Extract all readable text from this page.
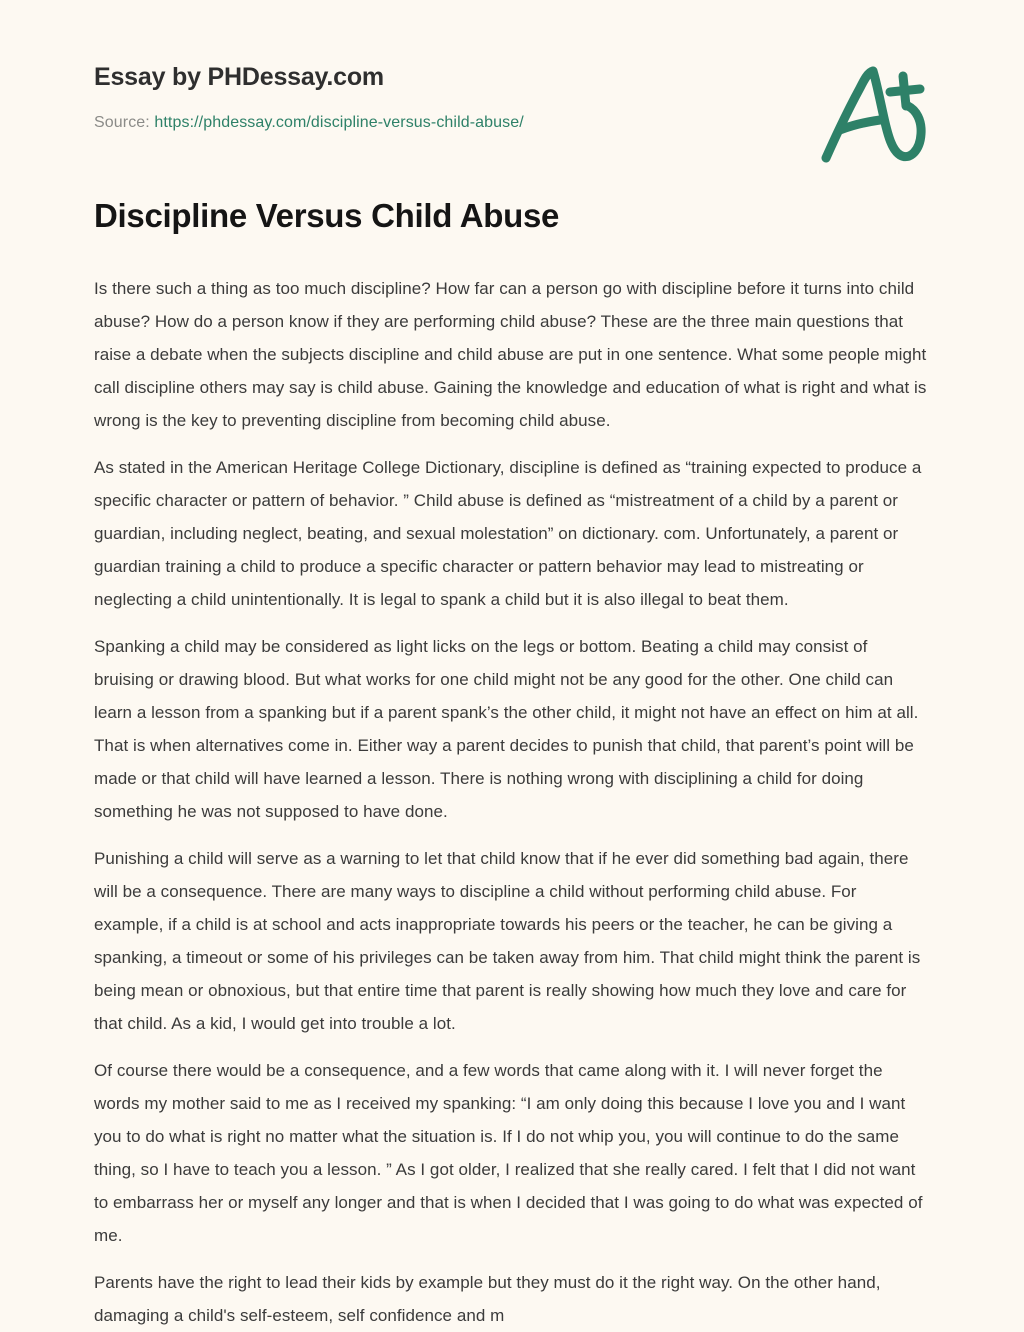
Essay by PHDessay.com
Source: https://phdessay.com/discipline-versus-child-abuse/
Discipline Versus Child Abuse

Is there such a thing as too much discipline? How far can a person go with discipline before it turns into child abuse? How do a person know if they are performing child abuse? These are the three main questions that raise a debate when the subjects discipline and child abuse are put in one sentence. What some people might call discipline others may say is child abuse. Gaining the knowledge and education of what is right and what is wrong is the key to preventing discipline from becoming child abuse.

As stated in the American Heritage College Dictionary, discipline is defined as “training expected to produce a specific character or pattern of behavior. ” Child abuse is defined as “mistreatment of a child by a parent or guardian, including neglect, beating, and sexual molestation” on dictionary. com. Unfortunately, a parent or guardian training a child to produce a specific character or pattern behavior may lead to mistreating or neglecting a child unintentionally. It is legal to spank a child but it is also illegal to beat them.

Spanking a child may be considered as light licks on the legs or bottom. Beating a child may consist of bruising or drawing blood. But what works for one child might not be any good for the other. One child can learn a lesson from a spanking but if a parent spank’s the other child, it might not have an effect on him at all. That is when alternatives come in. Either way a parent decides to punish that child, that parent’s point will be made or that child will have learned a lesson. There is nothing wrong with disciplining a child for doing something he was not supposed to have done.

Punishing a child will serve as a warning to let that child know that if he ever did something bad again, there will be a consequence. There are many ways to discipline a child without performing child abuse. For example, if a child is at school and acts inappropriate towards his peers or the teacher, he can be giving a spanking, a timeout or some of his privileges can be taken away from him. That child might think the parent is being mean or obnoxious, but that entire time that parent is really showing how much they love and care for that child. As a kid, I would get into trouble a lot.

Of course there would be a consequence, and a few words that came along with it. I will never forget the words my mother said to me as I received my spanking: “I am only doing this because I love you and I want you to do what is right no matter what the situation is. If I do not whip you, you will continue to do the same thing, so I have to teach you a lesson. ” As I got older, I realized that she really cared. I felt that I did not want to embarrass her or myself any longer and that is when I decided that I was going to do what was expected of me.

Parents have the right to lead their kids by example but they must do it the right way. On the other hand, damaging a child's self-esteem, self confidence and m
